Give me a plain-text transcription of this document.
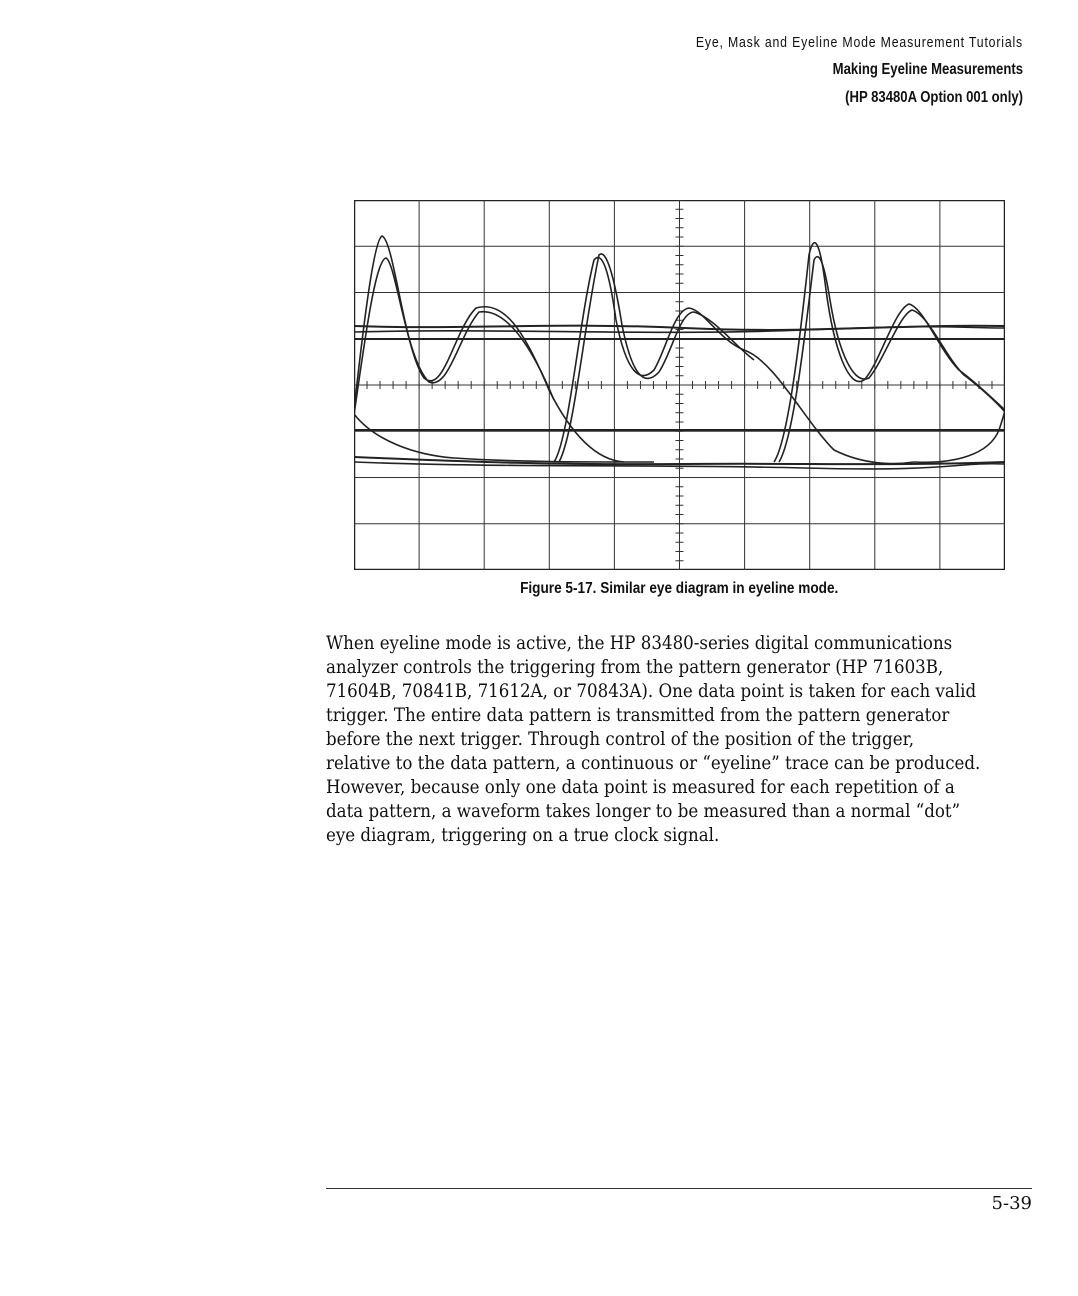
Eye, Mask and Eyeline Mode Measurement Tutorials
Making Eyeline Measurements
(HP 83480A Option 001 only)
Figure 5-17. Similar eye diagram in eyeline mode.
When eyeline mode is active, the HP 83480-series digital communications
analyzer controls the triggering from the pattern generator (HP 71603B,
71604B, 70841B, 71612A, or 70843A). One data point is taken for each valid
trigger. The entire data pattern is transmitted from the pattern generator
before the next trigger. Through control of the position of the trigger,
relative to the data pattern, a continuous or “eyeline” trace can be produced.
However, because only one data point is measured for each repetition of a
data pattern, a waveform takes longer to be measured than a normal “dot”
eye diagram, triggering on a true clock signal.
5-39
